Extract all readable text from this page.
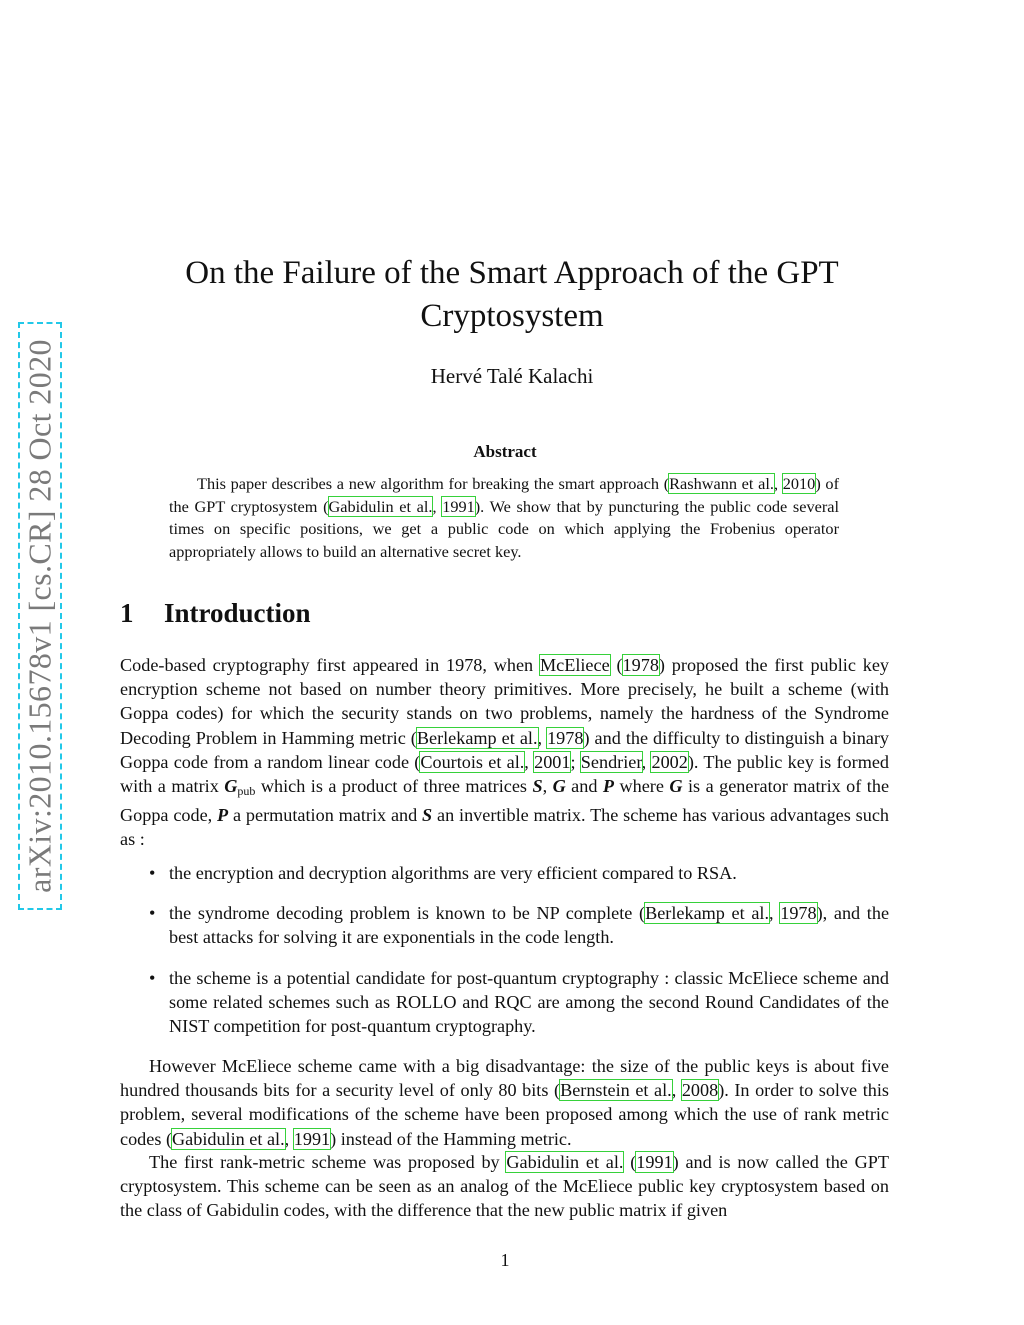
arXiv:2010.15678v1 [cs.CR] 28 Oct 2020
On the Failure of the Smart Approach of the GPT
Cryptosystem
Hervé Talé Kalachi
Abstract

This paper describes a new algorithm for breaking the smart approach (Rashwann et al., 2010) of the GPT cryptosystem (Gabidulin et al., 1991). We show that by puncturing the public code several times on specific positions, we get a public code on which applying the Frobenius operator appropriately allows to build an alternative secret key.

1 Introduction

Code-based cryptography first appeared in 1978, when McEliece (1978) proposed the first public key encryption scheme not based on number theory primitives. More precisely, he built a scheme (with Goppa codes) for which the security stands on two problems, namely the hardness of the Syndrome Decoding Problem in Hamming metric (Berlekamp et al., 1978) and the difficulty to distinguish a binary Goppa code from a random linear code (Courtois et al., 2001; Sendrier, 2002). The public key is formed with a matrix $G_{pub}$ which is a product of three matrices S, G and P where G is a generator matrix of the Goppa code, P a permutation matrix and S an invertible matrix. The scheme has various advantages such as :

• the encryption and decryption algorithms are very efficient compared to RSA.
• the syndrome decoding problem is known to be NP complete (Berlekamp et al., 1978), and the best attacks for solving it are exponentials in the code length.
• the scheme is a potential candidate for post-quantum cryptography : classic McEliece scheme and some related schemes such as ROLLO and RQC are among the second Round Candidates of the NIST competition for post-quantum cryptography.

However McEliece scheme came with a big disadvantage: the size of the public keys is about five hundred thousands bits for a security level of only 80 bits (Bernstein et al., 2008). In order to solve this problem, several modifications of the scheme have been proposed among which the use of rank metric codes (Gabidulin et al., 1991) instead of the Hamming metric.

The first rank-metric scheme was proposed by Gabidulin et al. (1991) and is now called the GPT cryptosystem. This scheme can be seen as an analog of the McEliece public key cryptosystem based on the class of Gabidulin codes, with the difference that the new public matrix if given

1
